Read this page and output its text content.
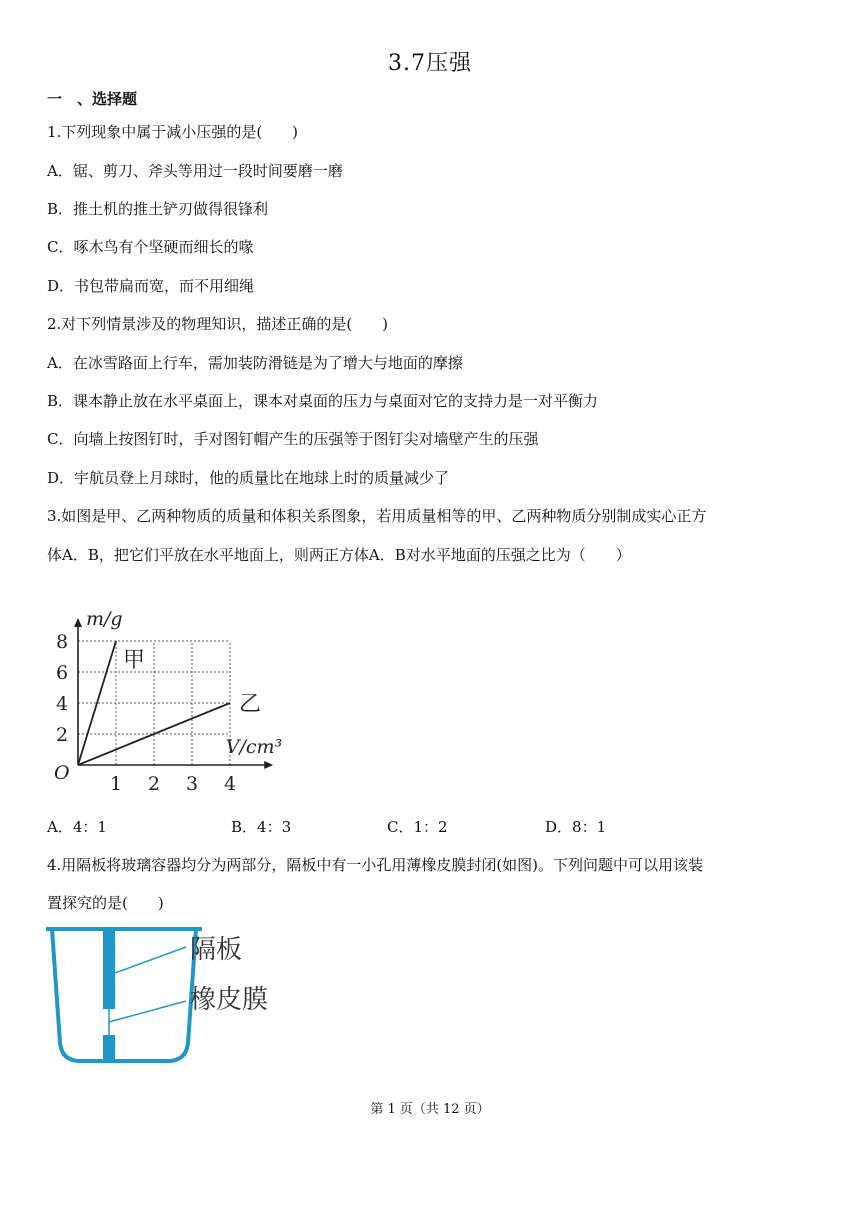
3.7压强
一　、选择题
1.下列现象中属于减小压强的是(　　)
A．锯、剪刀、斧头等用过一段时间要磨一磨
B．推土机的推土铲刃做得很锋利
C．啄木鸟有个坚硬而细长的喙
D．书包带扁而宽，而不用细绳
2.对下列情景涉及的物理知识，描述正确的是(　　)
A．在冰雪路面上行车，需加装防滑链是为了增大与地面的摩擦
B．课本静止放在水平桌面上，课本对桌面的压力与桌面对它的支持力是一对平衡力
C．向墙上按图钉时，手对图钉帽产生的压强等于图钉尖对墙壁产生的压强
D．宇航员登上月球时，他的质量比在地球上时的质量减少了
3.如图是甲、乙两种物质的质量和体积关系图象，若用质量相等的甲、乙两种物质分别制成实心正方
体A．B，把它们平放在水平地面上，则两正方体A．B对水平地面的压强之比为（　　）
甲
乙
1 2 3 4
2
4
6
8
O
m/g
V/cm³
A．4：1	B．4：3	C．1：2	D．8：1
4.用隔板将玻璃容器均分为两部分，隔板中有一小孔用薄橡皮膜封闭(如图)。下列问题中可以用该装
置探究的是(　　)
隔板
橡皮膜
第 1 页（共 12 页）
